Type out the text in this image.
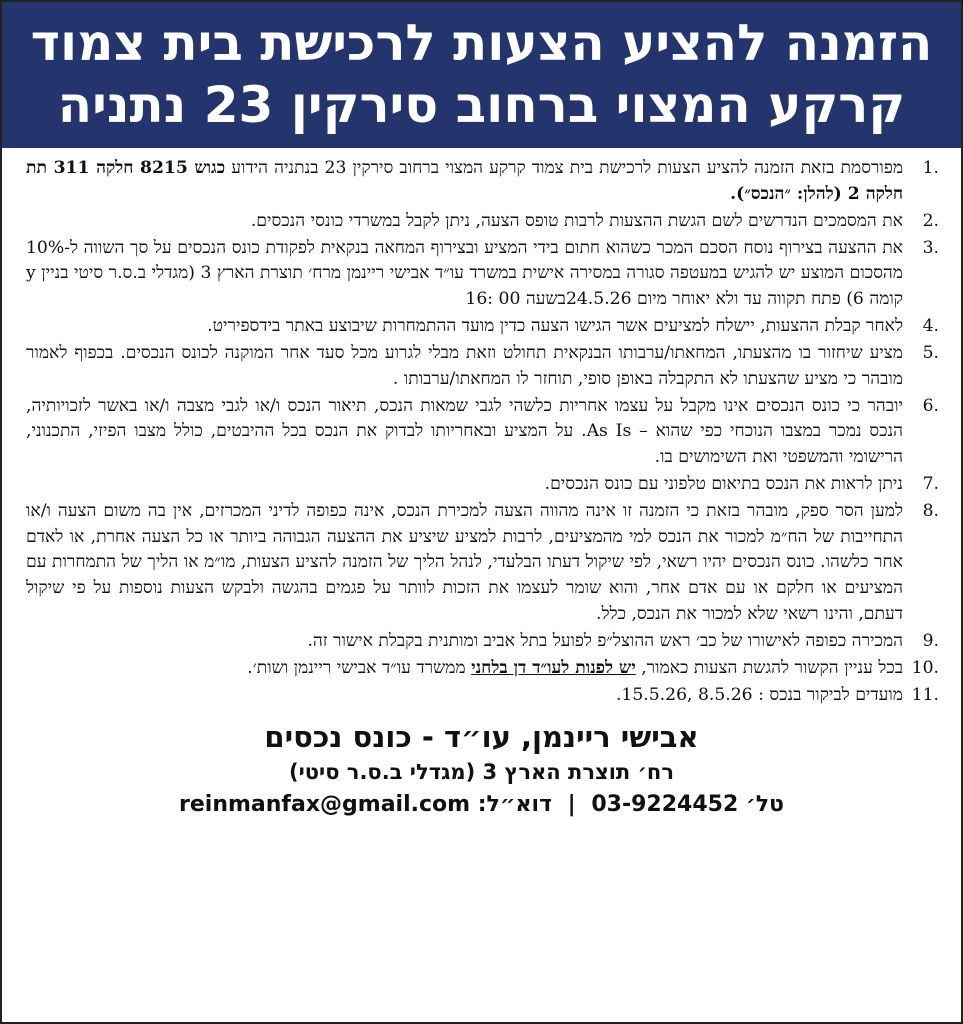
הזמנה להציע הצעות לרכישת בית צמוד
קרקע המצוי ברחוב סירקין 23 נתניה
1.
מפורסמת בזאת הזמנה להציע הצעות לרכישת בית צמוד קרקע המצוי ברחוב סירקין 23 בנתניה הידוע כגוש 8215 חלקה 311 תת חלקה 2 (להלן: ״הנכס״).
2.
את המסמכים הנדרשים לשם הגשת ההצעות לרבות טופס הצעה, ניתן לקבל במשרדי כונסי הנכסים.
3.
את ההצעה בצירוף נוסח הסכם המכר כשהוא חתום בידי המציע ובצירוף המחאה בנקאית לפקודת כונס הנכסים על סך השווה ל-10% מהסכום המוצע יש להגיש במעטפה סגורה במסירה אישית במשרד עו״ד אבישי ריינמן מרח׳ תוצרת הארץ 3 (מגדלי ב.ס.ר סיטי בניין y קומה 6) פתח תקווה עד ולא יאוחר מיום 24.5.26בשעה 00 :16
4.
לאחר קבלת ההצעות, יישלח למציעים אשר הגישו הצעה כדין מועד ההתמחרות שיבוצע באתר בידספיריט.
5.
מציע שיחזור בו מהצעתו, המחאתו/ערבותו הבנקאית תחולט וזאת מבלי לגרוע מכל סעד אחר המוקנה לכונס הנכסים. בכפוף לאמור מובהר כי מציע שהצעתו לא התקבלה באופן סופי, תוחזר לו המחאתו/ערבותו .
6.
יובהר כי כונס הנכסים אינו מקבל על עצמו אחריות כלשהי לגבי שמאות הנכס, תיאור הנכס ו/או לגבי מצבה ו/או באשר לזכויותיה, הנכס נמכר במצבו הנוכחי כפי שהוא – As Is. על המציע ובאחריותו לבדוק את הנכס בכל ההיבטים, כולל מצבו הפיזי, התכנוני, הרישומי והמשפטי ואת השימושים בו.
7.
ניתן לראות את הנכס בתיאום טלפוני עם כונס הנכסים.
8.
למען הסר ספק, מובהר בזאת כי הזמנה זו אינה מהווה הצעה למכירת הנכס, אינה כפופה לדיני המכרזים, אין בה משום הצעה ו/או התחייבות של הח״מ למכור את הנכס למי מהמציעים, לרבות למציע שיציע את ההצעה הגבוהה ביותר או כל הצעה אחרת, או לאדם אחר כלשהו. כונס הנכסים יהיו רשאי, לפי שיקול דעתו הבלעדי, לנהל הליך של הזמנה להציע הצעות, מו״מ או הליך של התמחרות עם המציעים או חלקם או עם אדם אחר, והוא שומר לעצמו את הזכות לוותר על פגמים בהגשה ולבקש הצעות נוספות על פי שיקול דעתם, והינו רשאי שלא למכור את הנכס, כלל.
9.
המכירה כפופה לאישורו של כב׳ ראש ההוצל״פ לפועל בתל אביב ומותנית בקבלת אישור זה.
10.
בכל עניין הקשור להגשת הצעות כאמור, יש לפנות לעו״ד דן בלחני ממשרד עו״ד אבישי ריינמן ושות׳.
11.
מועדים לביקור בנכס : 8.5.26 ,15.5.26.
אבישי ריינמן, עו״ד - כונס נכסים
רח׳ תוצרת הארץ 3 (מגדלי ב.ס.ר סיטי)
טל׳ 03-9224452 | דוא״ל: reinmanfax@gmail.com
